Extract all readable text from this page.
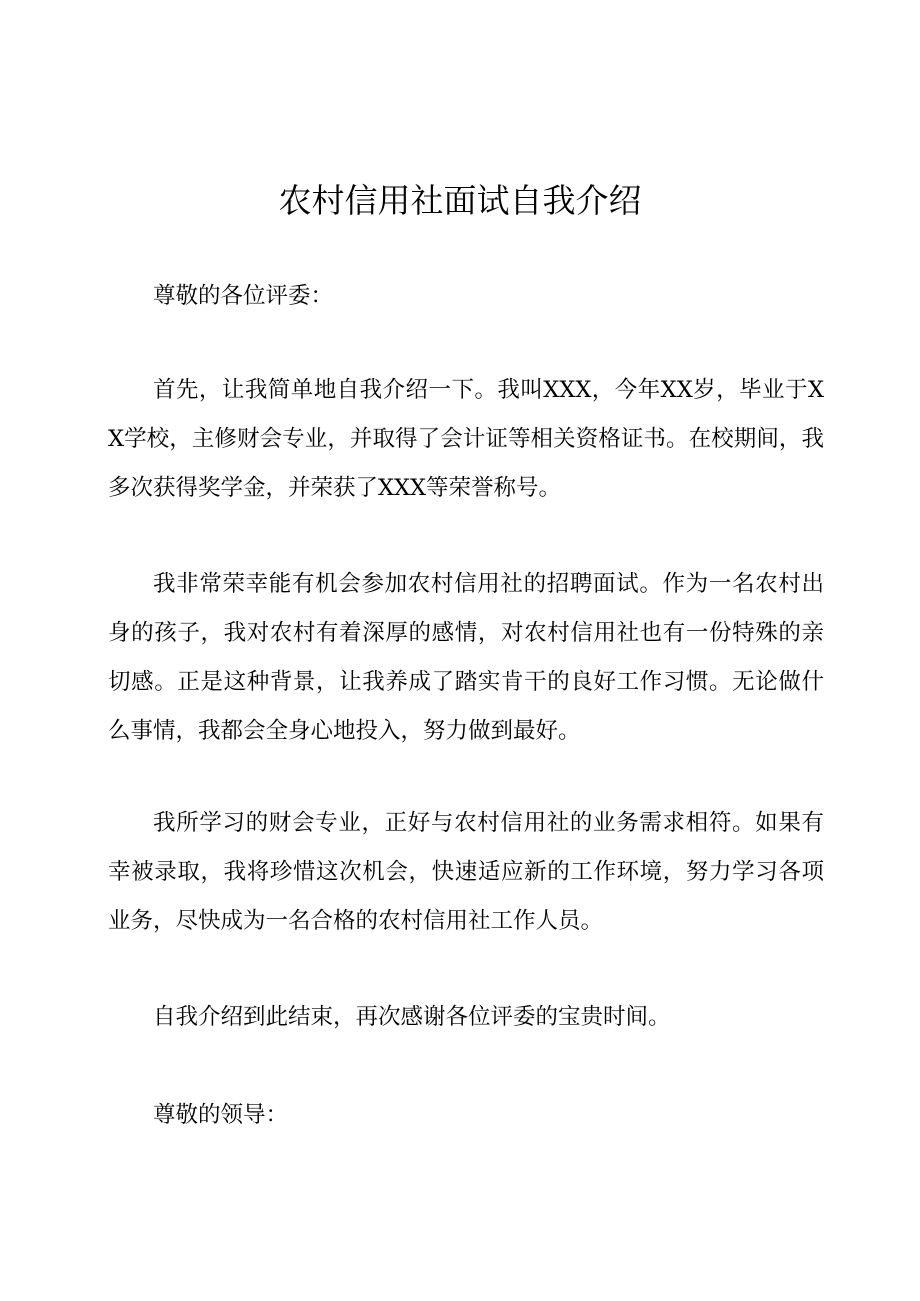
农村信用社面试自我介绍

尊敬的各位评委：

首先，让我简单地自我介绍一下。我叫XXX，今年XX岁，毕业于XX学校，主修财会专业，并取得了会计证等相关资格证书。在校期间，我多次获得奖学金，并荣获了XXX等荣誉称号。

我非常荣幸能有机会参加农村信用社的招聘面试。作为一名农村出身的孩子，我对农村有着深厚的感情，对农村信用社也有一份特殊的亲切感。正是这种背景，让我养成了踏实肯干的良好工作习惯。无论做什么事情，我都会全身心地投入，努力做到最好。

我所学习的财会专业，正好与农村信用社的业务需求相符。如果有幸被录取，我将珍惜这次机会，快速适应新的工作环境，努力学习各项业务，尽快成为一名合格的农村信用社工作人员。

自我介绍到此结束，再次感谢各位评委的宝贵时间。

尊敬的领导：
